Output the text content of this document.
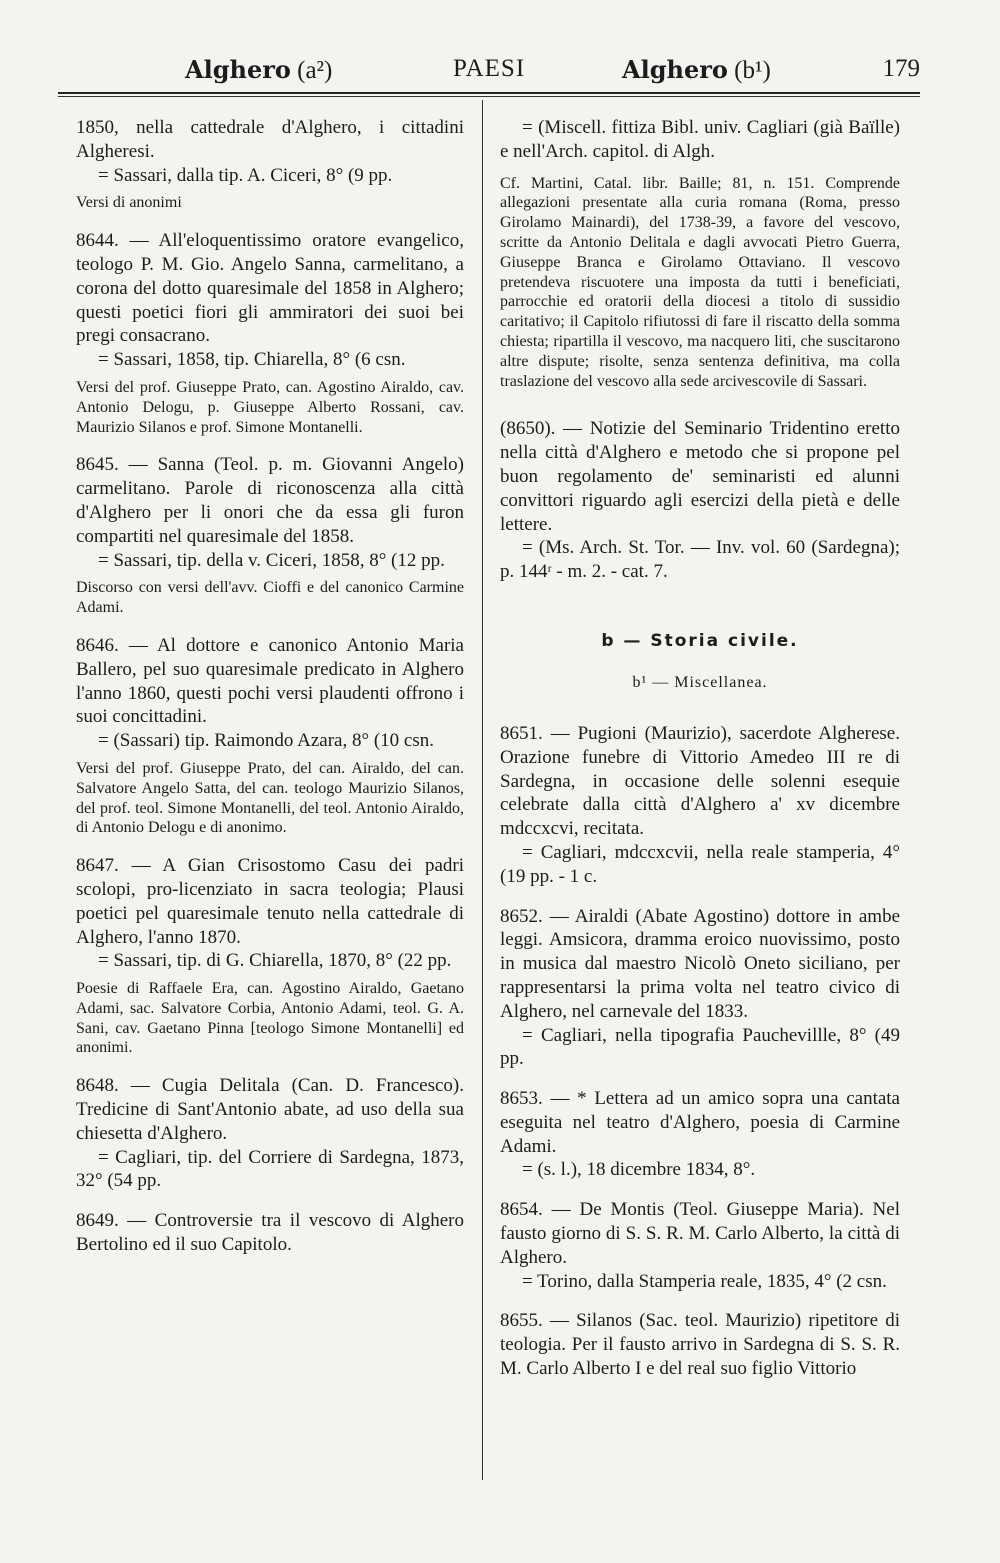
Alghero (a²)	PAESI	Alghero (b¹)	179

1850, nella cattedrale d'Alghero, i cittadini Algheresi.

= Sassari, dalla tip. A. Ciceri, 8° (9 pp.

Versi di anonimi

8644. — All'eloquentissimo oratore evangelico, teologo P. M. Gio. Angelo Sanna, carmelitano, a corona del dotto quaresimale del 1858 in Alghero; questi poetici fiori gli ammiratori dei suoi bei pregi consacrano.

= Sassari, 1858, tip. Chiarella, 8° (6 csn.

Versi del prof. Giuseppe Prato, can. Agostino Airaldo, cav. Antonio Delogu, p. Giuseppe Alberto Rossani, cav. Maurizio Silanos e prof. Simone Montanelli.

8645. — Sanna (Teol. p. m. Giovanni Angelo) carmelitano. Parole di riconoscenza alla città d'Alghero per li onori che da essa gli furon compartiti nel quaresimale del 1858.

= Sassari, tip. della v. Ciceri, 1858, 8° (12 pp.

Discorso con versi dell'avv. Cioffi e del canonico Carmine Adami.

8646. — Al dottore e canonico Antonio Maria Ballero, pel suo quaresimale predicato in Alghero l'anno 1860, questi pochi versi plaudenti offrono i suoi concittadini.

= (Sassari) tip. Raimondo Azara, 8° (10 csn.

Versi del prof. Giuseppe Prato, del can. Airaldo, del can. Salvatore Angelo Satta, del can. teologo Maurizio Silanos, del prof. teol. Simone Montanelli, del teol. Antonio Airaldo, di Antonio Delogu e di anonimo.

8647. — A Gian Crisostomo Casu dei padri scolopi, pro-licenziato in sacra teologia; Plausi poetici pel quaresimale tenuto nella cattedrale di Alghero, l'anno 1870.

= Sassari, tip. di G. Chiarella, 1870, 8° (22 pp.

Poesie di Raffaele Era, can. Agostino Airaldo, Gaetano Adami, sac. Salvatore Corbia, Antonio Adami, teol. G. A. Sani, cav. Gaetano Pinna [teologo Simone Montanelli] ed anonimi.

8648. — Cugia Delitala (Can. D. Francesco). Tredicine di Sant'Antonio abate, ad uso della sua chiesetta d'Alghero.

= Cagliari, tip. del Corriere di Sardegna, 1873, 32° (54 pp.

8649. — Controversie tra il vescovo di Alghero Bertolino ed il suo Capitolo.

= (Miscell. fittiza Bibl. univ. Cagliari (già Baïlle) e nell'Arch. capitol. di Algh.

Cf. Martini, Catal. libr. Baille; 81, n. 151. Comprende allegazioni presentate alla curia romana (Roma, presso Girolamo Mainardi), del 1738-39, a favore del vescovo, scritte da Antonio Delitala e dagli avvocati Pietro Guerra, Giuseppe Branca e Girolamo Ottaviano. Il vescovo pretendeva riscuotere una imposta da tutti i beneficiati, parrocchie ed oratorii della diocesi a titolo di sussidio caritativo; il Capitolo rifiutossi di fare il riscatto della somma chiesta; ripartilla il vescovo, ma nacquero liti, che suscitarono altre dispute; risolte, senza sentenza definitiva, ma colla traslazione del vescovo alla sede arcivescovile di Sassari.

(8650). — Notizie del Seminario Tridentino eretto nella città d'Alghero e metodo che si propone pel buon regolamento de' seminaristi ed alunni convittori riguardo agli esercizi della pietà e delle lettere.

= (Ms. Arch. St. Tor. — Inv. vol. 60 (Sardegna); p. 144ʳ - m. 2. - cat. 7.

b — Storia civile.

b¹ — Miscellanea.

8651. — Pugioni (Maurizio), sacerdote Algherese. Orazione funebre di Vittorio Amedeo III re di Sardegna, in occasione delle solenni esequie celebrate dalla città d'Alghero a' xv dicembre mdccxcvi, recitata.

= Cagliari, mdccxcvii, nella reale stamperia, 4° (19 pp. - 1 c.

8652. — Airaldi (Abate Agostino) dottore in ambe leggi. Amsicora, dramma eroico nuovissimo, posto in musica dal maestro Nicolò Oneto siciliano, per rappresentarsi la prima volta nel teatro civico di Alghero, nel carnevale del 1833.

= Cagliari, nella tipografia Pauchevillle, 8° (49 pp.

8653. — * Lettera ad un amico sopra una cantata eseguita nel teatro d'Alghero, poesia di Carmine Adami.

= (s. l.), 18 dicembre 1834, 8°.

8654. — De Montis (Teol. Giuseppe Maria). Nel fausto giorno di S. S. R. M. Carlo Alberto, la città di Alghero.

= Torino, dalla Stamperia reale, 1835, 4° (2 csn.

8655. — Silanos (Sac. teol. Maurizio) ripetitore di teologia. Per il fausto arrivo in Sardegna di S. S. R. M. Carlo Alberto I e del real suo figlio Vittorio
